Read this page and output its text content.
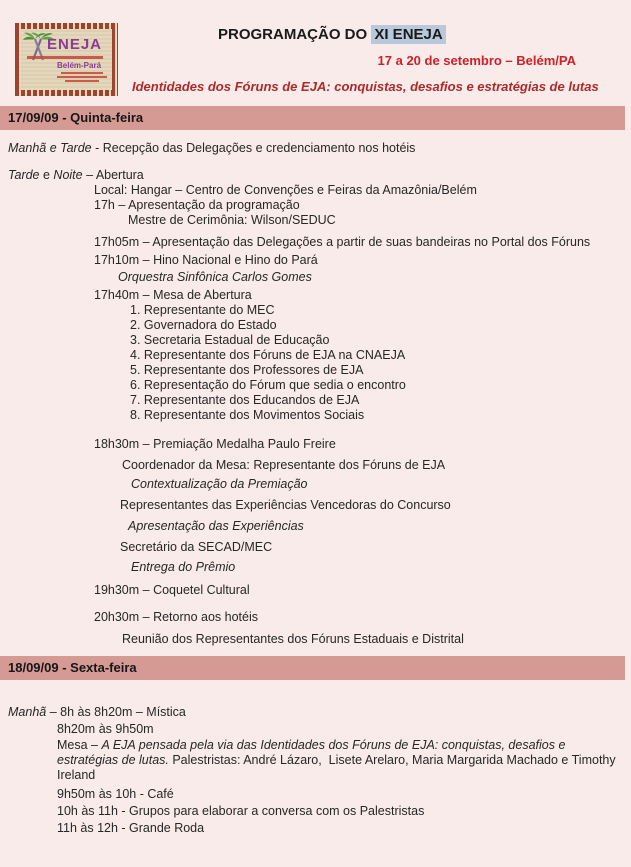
ENEJA
Belém-Pará
PROGRAMAÇÃO DO XI ENEJA
17 a 20 de setembro – Belém/PA
Identidades dos Fóruns de EJA: conquistas, desafios e estratégias de lutas
17/09/09 - Quinta-feira
Manhã e Tarde - Recepção das Delegações e credenciamento nos hotéis
Tarde e Noite – Abertura
Local: Hangar – Centro de Convenções e Feiras da Amazônia/Belém
17h – Apresentação da programação
Mestre de Cerimônia: Wilson/SEDUC
17h05m – Apresentação das Delegações a partir de suas bandeiras no Portal dos Fóruns
17h10m – Hino Nacional e Hino do Pará
Orquestra Sinfônica Carlos Gomes
17h40m – Mesa de Abertura
1. Representante do MEC
2. Governadora do Estado
3. Secretaria Estadual de Educação
4. Representante dos Fóruns de EJA na CNAEJA
5. Representante dos Professores de EJA
6. Representação do Fórum que sedia o encontro
7. Representante dos Educandos de EJA
8. Representante dos Movimentos Sociais
18h30m – Premiação Medalha Paulo Freire
Coordenador da Mesa: Representante dos Fóruns de EJA
Contextualização da Premiação
Representantes das Experiências Vencedoras do Concurso
Apresentação das Experiências
Secretário da SECAD/MEC
Entrega do Prêmio
19h30m – Coquetel Cultural
20h30m – Retorno aos hotéis
Reunião dos Representantes dos Fóruns Estaduais e Distrital
18/09/09 - Sexta-feira
Manhã – 8h às 8h20m – Mística
8h20m às 9h50m
Mesa – A EJA pensada pela via das Identidades dos Fóruns de EJA: conquistas, desafios e estratégias de lutas. Palestristas: André Lázaro,  Lisete Arelaro, Maria Margarida Machado e Timothy Ireland
9h50m às 10h - Café
10h às 11h - Grupos para elaborar a conversa com os Palestristas
11h às 12h - Grande Roda
